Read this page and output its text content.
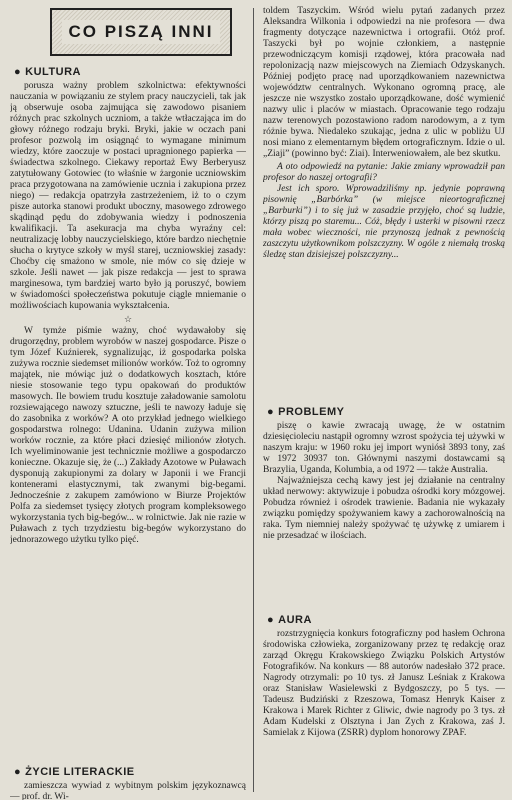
CO PISZĄ INNI
● KULTURA

porusza ważny problem szkolnictwa: efektywności nauczania w powiązaniu ze stylem pracy nauczycieli, tak jak ją obserwuje osoba zajmująca się zawodowo pisaniem różnych prac szkolnych uczniom, a także wtłaczająca im do głowy różnego rodzaju bryki. Bryki, jakie w oczach pani profesor pozwolą im osiągnąć to wymagane minimum wiedzy, które zaoczuje w postaci upragnionego papierka — świadectwa szkolnego. Ciekawy reportaż Ewy Berberyusz zatytułowany Gotowiec (to właśnie w żargonie uczniowskim praca przygotowana na zamówienie ucznia i zakupiona przez niego) — redakcja opatrzyła zastrzeżeniem, iż to o czym pisze autorka stanowi produkt uboczny, masowego zdrowego skądinąd pędu do zdobywania wiedzy i podnoszenia kwalifikacji. Ta asekuracja ma chyba wyraźny cel: neutralizację lobby nauczycielskiego, które bardzo niechętnie słucha o krytyce szkoły w myśl starej, uczniowskiej zasady: Choćby cię smażono w smole, nie mów co się dzieje w szkole. Jeśli nawet — jak pisze redakcja — jest to sprawa marginesowa, tym bardziej warto było ją poruszyć, bowiem w świadomości społeczeństwa pokutuje ciągle mniemanie o możliwościach kupowania wykształcenia.

☆

W tymże piśmie ważny, choć wydawałoby się drugorzędny, problem wyrobów w naszej gospodarce. Pisze o tym Józef Kuźnierek, sygnalizując, iż gospodarka polska zużywa rocznie siedemset milionów worków. Toż to ogromny majątek, nie mówiąc już o dodatkowych kosztach, które niesie stosowanie tego typu opakowań do produktów masowych. Ile bowiem trudu kosztuje załadowanie samolotu rozsiewającego nawozy sztuczne, jeśli te nawozy ładuje się do zasobnika z worków? A oto przykład jednego wielkiego gospodarstwa rolnego: Udanina. Udanin zużywa milion worków rocznie, za które płaci dziesięć milionów złotych. Ich wyeliminowanie jest technicznie możliwe a gospodarczo konieczne. Okazuje się, że (...) Zakłady Azotowe w Puławach dysponują zakupionymi za dolary w Japonii i we Francji kontenerami elastycznymi, tak zwanymi big-begami. Jednocześnie z zakupem zamówiono w Biurze Projektów Polfa za siedemset tysięcy złotych program kompleksowego wykorzystania tych big-begów... w rolnictwie. Jak nie razie w Puławach z tych trzydziestu big-begów wykorzystano do jednorazowego użytku tylko pięć.

● ŻYCIE LITERACKIE

zamieszcza wywiad z wybitnym polskim językoznawcą — prof. dr. Wi-

toldem Taszyckim. Wśród wielu pytań zadanych przez Aleksandra Wilkonia i odpowiedzi na nie profesora — dwa fragmenty dotyczące nazewnictwa i ortografii. Otóż prof. Taszycki był po wojnie członkiem, a następnie przewodniczącym komisji rządowej, która pracowała nad repolonizacją nazw miejscowych na Ziemiach Odzyskanych. Później podjęto pracę nad uporządkowaniem nazewnictwa województw centralnych. Wykonano ogromną pracę, ale jeszcze nie wszystko zostało uporządkowane, dość wymienić nazwy ulic i placów w miastach. Opracowanie tego rodzaju nazw terenowych pozostawiono radom narodowym, a z tym różnie bywa. Niedaleko szukając, jedna z ulic w pobliżu UJ nosi miano z elementarnym błędem ortograficznym. Idzie o ul. „Ziaji” (powinno być: Ziai). Interweniowałem, ale bez skutku.

A oto odpowiedź na pytanie: Jakie zmiany wprowadził pan profesor do naszej ortografii?

Jest ich sporo. Wprowadziliśmy np. jedynie poprawną pisownię „Barbórka” (w miejsce nieortograficznej „Barburki”) i to się już w zasadzie przyjęło, choć są ludzie, którzy piszą po staremu... Cóż, błędy i usterki w pisowni rzecz mała wobec wieczności, nie przynoszą jednak z pewnością zaszczytu użytkownikom polszczyzny. W ogóle z niemałą troską śledzę stan dzisiejszej polszczyzny...

● PROBLEMY

piszę o kawie zwracają uwagę, że w ostatnim dziesięcioleciu nastąpił ogromny wzrost spożycia tej używki w naszym kraju: w 1960 roku jej import wyniósł 3893 tony, zaś w 1972 30937 ton. Głównymi naszymi dostawcami są Brazylia, Uganda, Kolumbia, a od 1972 — także Australia.

Najważniejsza cechą kawy jest jej działanie na centralny układ nerwowy: aktywizuje i pobudza ośrodki kory mózgowej. Pobudza również i ośrodek trawienie. Badania nie wykazały związku pomiędzy spożywaniem kawy a zachorowalnością na raka. Tym niemniej należy spożywać tę używkę z umiarem i nie przesadzać w ilościach.

● AURA

rozstrzygnięcia konkurs fotograficzny pod hasłem Ochrona środowiska człowieka, zorganizowany przez tę redakcję oraz zarząd Okręgu Krakowskiego Związku Polskich Artystów Fotografików. Na konkurs — 88 autorów nadesłało 372 prace. Nagrody otrzymali: po 10 tys. zł Janusz Leśniak z Krakowa oraz Stanisław Wasielewski z Bydgoszczy, po 5 tys. — Tadeusz Budziński z Rzeszowa, Tomasz Henryk Kaiser z Krakowa i Marek Richter z Gliwic, dwie nagrody po 3 tys. zł Adam Kudelski z Olsztyna i Jan Zych z Krakowa, zaś J. Samielak z Kijowa (ZSRR) dyplom honorowy ZPAF.
